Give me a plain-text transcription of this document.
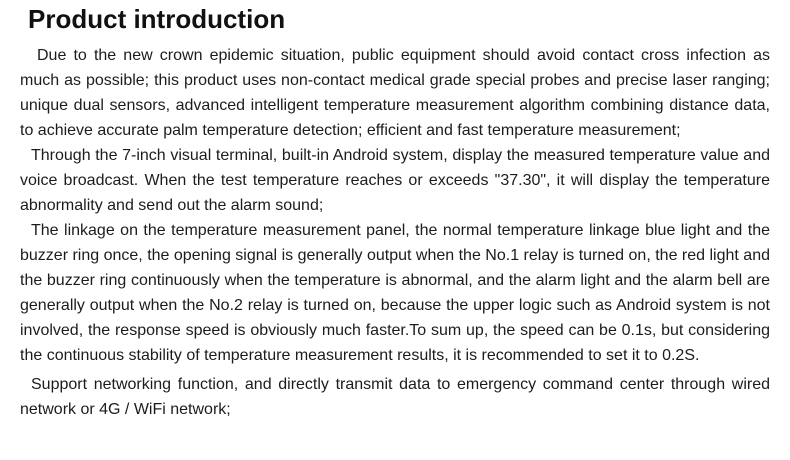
Product introduction

Due to the new crown epidemic situation, public equipment should avoid contact cross infection as much as possible; this product uses non-contact medical grade special probes and precise laser ranging; unique dual sensors, advanced intelligent temperature measurement algorithm combining distance data, to achieve accurate palm temperature detection; efficient and fast temperature measurement;

Through the 7-inch visual terminal, built-in Android system, display the measured temperature value and voice broadcast. When the test temperature reaches or exceeds "37.30", it will display the temperature abnormality and send out the alarm sound;

The linkage on the temperature measurement panel, the normal temperature linkage blue light and the buzzer ring once, the opening signal is generally output when the No.1 relay is turned on, the red light and the buzzer ring continuously when the temperature is abnormal, and the alarm light and the alarm bell are generally output when the No.2 relay is turned on, because the upper logic such as Android system is not involved, the response speed is obviously much faster.To sum up, the speed can be 0.1s, but considering the continuous stability of temperature measurement results, it is recommended to set it to 0.2S.

Support networking function, and directly transmit data to emergency command center through wired network or 4G / WiFi network;
